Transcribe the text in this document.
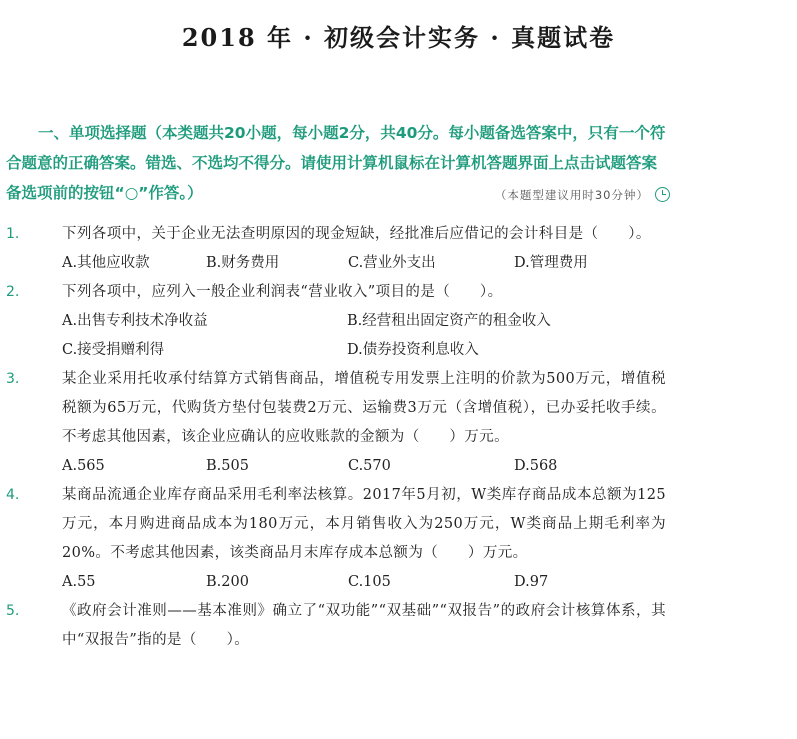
2018 年 · 初级会计实务 · 真题试卷
一、单项选择题（本类题共20小题，每小题2分，共40分。每小题备选答案中，只有一个符合题意的正确答案。错选、不选均不得分。请使用计算机鼠标在计算机答题界面上点击试题答案备选项前的按钮“○”作答。）	（本题型建议用时30分钟）
1.	下列各项中，关于企业无法查明原因的现金短缺，经批准后应借记的会计科目是（　　）。
A.其他应收款	B.财务费用	C.营业外支出	D.管理费用
2.	下列各项中，应列入一般企业利润表“营业收入”项目的是（　　）。
A.出售专利技术净收益	B.经营租出固定资产的租金收入
C.接受捐赠利得	D.债券投资利息收入
3.	某企业采用托收承付结算方式销售商品，增值税专用发票上注明的价款为500万元，增值税税额为65万元，代购货方垫付包装费2万元、运输费3万元（含增值税），已办妥托收手续。不考虑其他因素，该企业应确认的应收账款的金额为（　　）万元。
A.565	B.505	C.570	D.568
4.	某商品流通企业库存商品采用毛利率法核算。2017年5月初，W类库存商品成本总额为125万元，本月购进商品成本为180万元，本月销售收入为250万元，W类商品上期毛利率为20%。不考虑其他因素，该类商品月末库存成本总额为（　　）万元。
A.55	B.200	C.105	D.97
5.	《政府会计准则——基本准则》确立了“双功能”“双基础”“双报告”的政府会计核算体系，其中“双报告”指的是（　　）。
